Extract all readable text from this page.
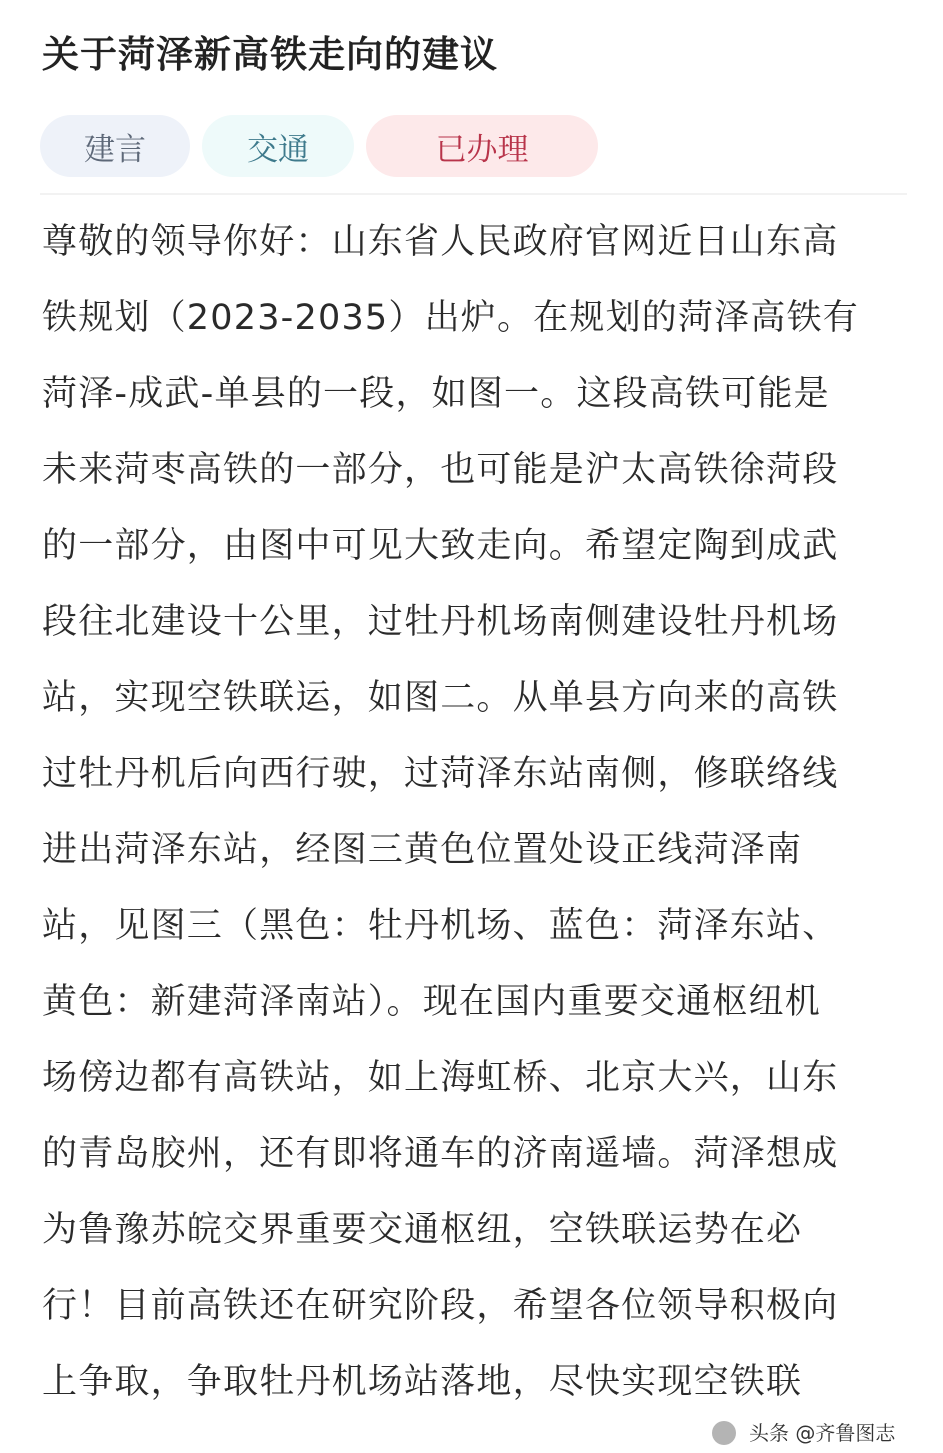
关于菏泽新高铁走向的建议
建言	交通	已办理
尊敬的领导你好：山东省人民政府官网近日山东高
铁规划（2023-2035）出炉。在规划的菏泽高铁有
菏泽-成武-单县的一段，如图一。这段高铁可能是
未来菏枣高铁的一部分，也可能是沪太高铁徐菏段
的一部分，由图中可见大致走向。希望定陶到成武
段往北建设十公里，过牡丹机场南侧建设牡丹机场
站，实现空铁联运，如图二。从单县方向来的高铁
过牡丹机后向西行驶，过菏泽东站南侧，修联络线
进出菏泽东站，经图三黄色位置处设正线菏泽南
站，见图三（黑色：牡丹机场、蓝色：菏泽东站、
黄色：新建菏泽南站）。现在国内重要交通枢纽机
场傍边都有高铁站，如上海虹桥、北京大兴，山东
的青岛胶州，还有即将通车的济南遥墙。菏泽想成
为鲁豫苏皖交界重要交通枢纽，空铁联运势在必
行！目前高铁还在研究阶段，希望各位领导积极向
上争取，争取牡丹机场站落地，尽快实现空铁联
头条 @齐鲁图志
